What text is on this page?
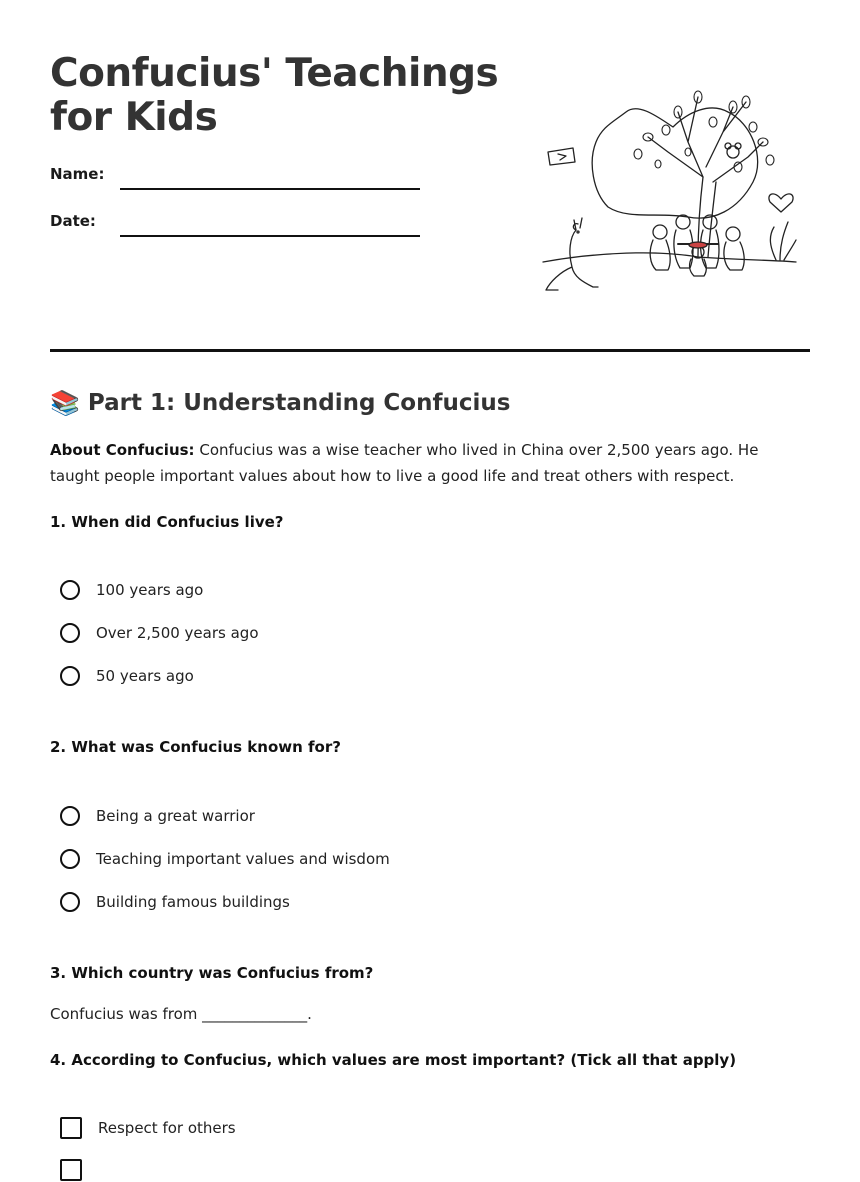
Confucius' Teachings for Kids
Name:
Date:
📚 Part 1: Understanding Confucius

About Confucius: Confucius was a wise teacher who lived in China over 2,500 years ago. He taught people important values about how to live a good life and treat others with respect.

1. When did Confucius live?

100 years ago
Over 2,500 years ago
50 years ago

2. What was Confucius known for?

Being a great warrior
Teaching important values and wisdom
Building famous buildings

3. Which country was Confucius from?

Confucius was from ______________.

4. According to Confucius, which values are most important? (Tick all that apply)

Respect for others
